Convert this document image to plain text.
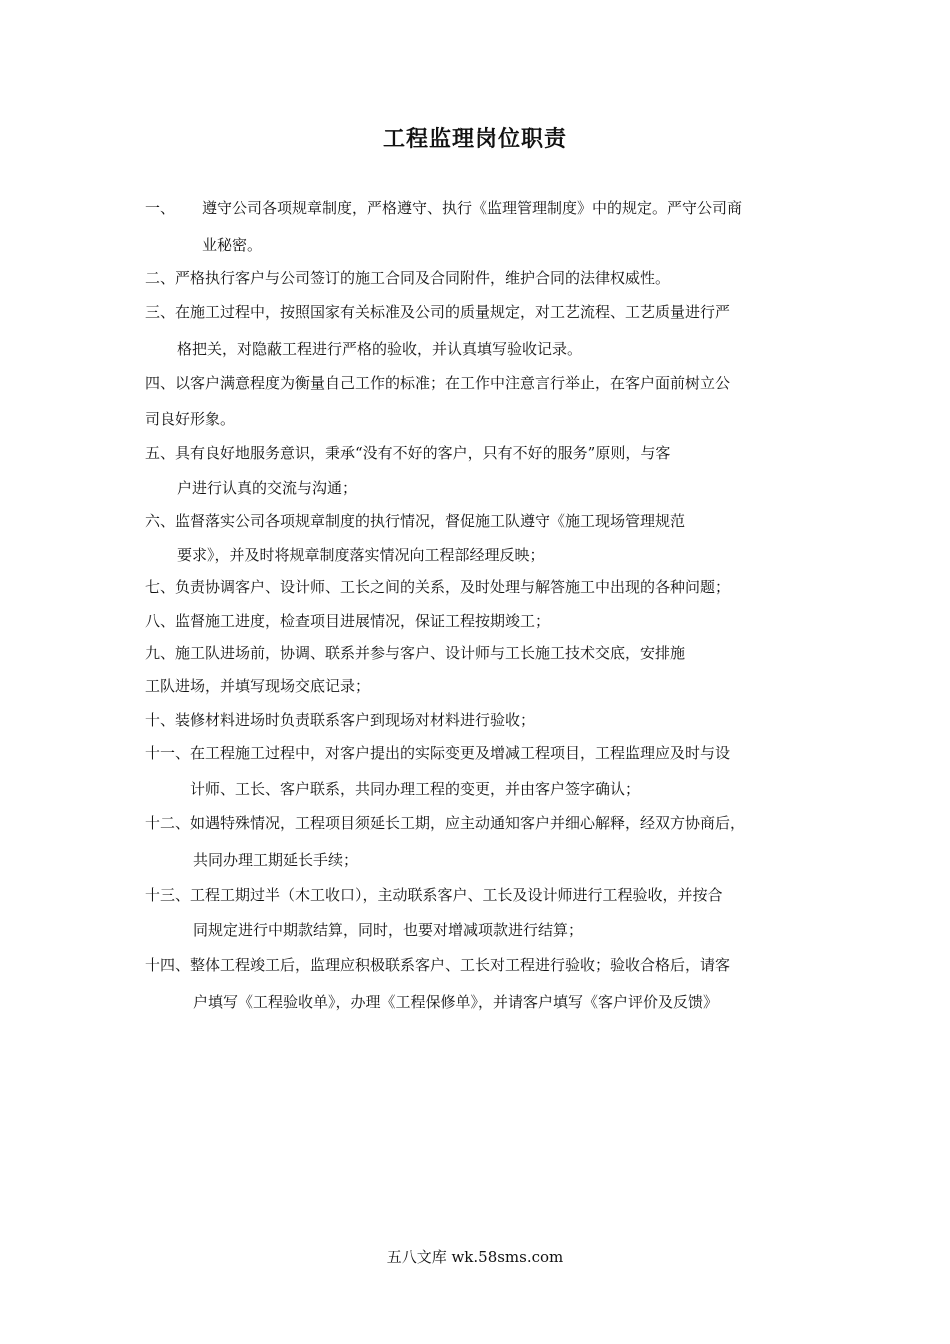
工程监理岗位职责
一、 遵守公司各项规章制度，严格遵守、执行《监理管理制度》中的规定。严守公司商
业秘密。
二、严格执行客户与公司签订的施工合同及合同附件，维护合同的法律权威性。
三、在施工过程中，按照国家有关标准及公司的质量规定，对工艺流程、工艺质量进行严
格把关，对隐蔽工程进行严格的验收，并认真填写验收记录。
四、以客户满意程度为衡量自己工作的标准；在工作中注意言行举止，在客户面前树立公
司良好形象。
五、具有良好地服务意识，秉承“没有不好的客户，只有不好的服务”原则，与客
户进行认真的交流与沟通；
六、监督落实公司各项规章制度的执行情况，督促施工队遵守《施工现场管理规范
要求》，并及时将规章制度落实情况向工程部经理反映；
七、负责协调客户、设计师、工长之间的关系，及时处理与解答施工中出现的各种问题；
八、监督施工进度，检查项目进展情况，保证工程按期竣工；
九、施工队进场前，协调、联系并参与客户、设计师与工长施工技术交底，安排施
工队进场，并填写现场交底记录；
十、装修材料进场时负责联系客户到现场对材料进行验收；
十一、在工程施工过程中，对客户提出的实际变更及增减工程项目，工程监理应及时与设
计师、工长、客户联系，共同办理工程的变更，并由客户签字确认；
十二、如遇特殊情况，工程项目须延长工期，应主动通知客户并细心解释，经双方协商后，
共同办理工期延长手续；
十三、工程工期过半（木工收口），主动联系客户、工长及设计师进行工程验收，并按合
同规定进行中期款结算，同时，也要对增减项款进行结算；
十四、整体工程竣工后，监理应积极联系客户、工长对工程进行验收；验收合格后，请客
户填写《工程验收单》，办理《工程保修单》，并请客户填写《客户评价及反馈》
五八文库 wk.58sms.com
